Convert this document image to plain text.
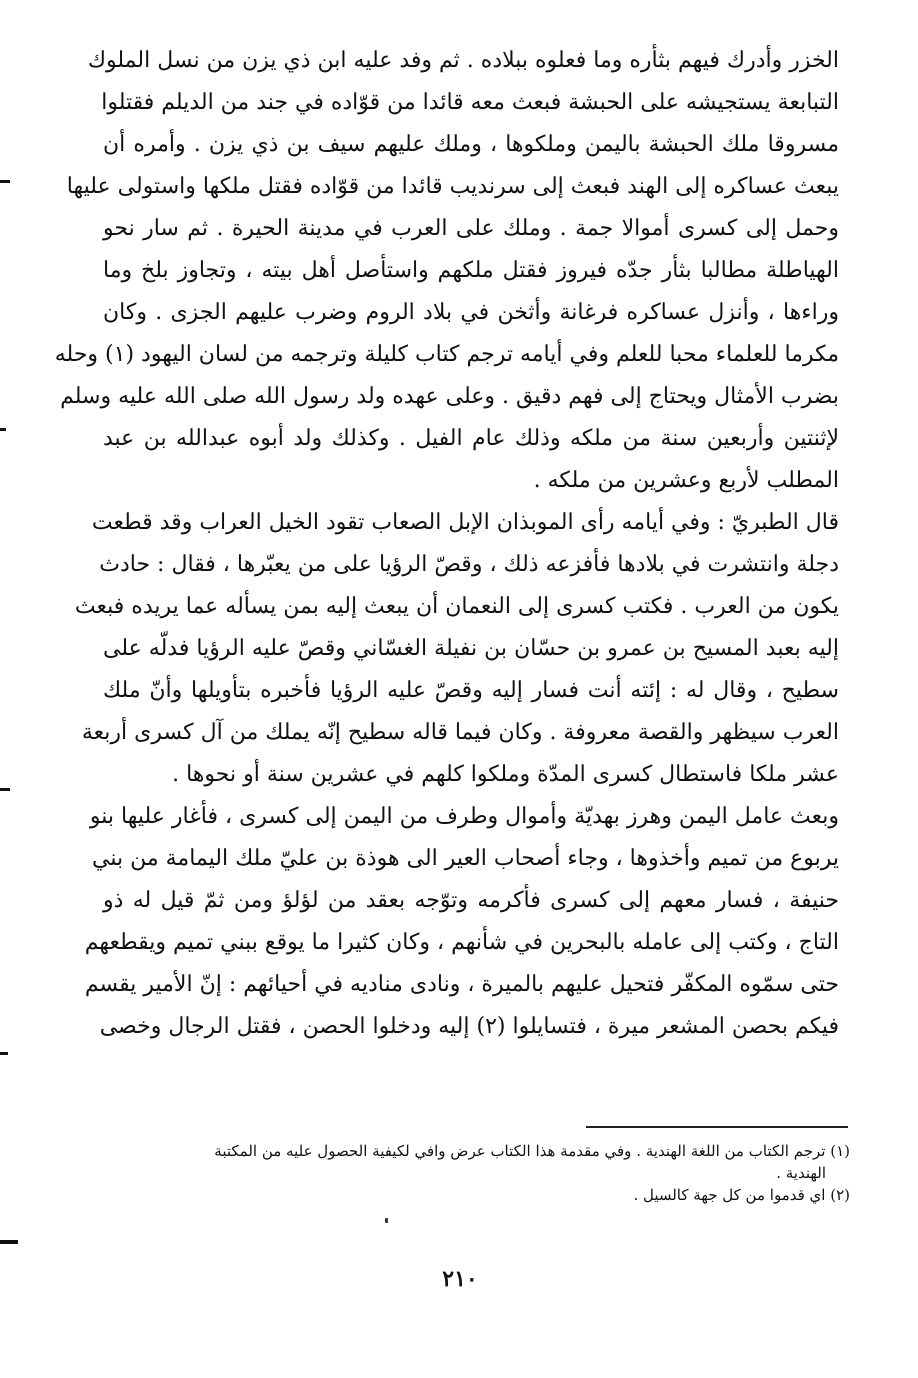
الخزر وأدرك فيهم بثأره وما فعلوه ببلاده . ثم وفد عليه ابن ذي يزن من نسل الملوك
التبابعة يستجيشه على الحبشة فبعث معه قائدا من قوّاده في جند من الديلم فقتلوا
مسروقا ملك الحبشة باليمن وملكوها ، وملك عليهم سيف بن ذي يزن . وأمره أن
يبعث عساكره إلى الهند فبعث إلى سرنديب قائدا من قوّاده فقتل ملكها واستولى عليها
وحمل إلى كسرى أموالا جمة . وملك على العرب في مدينة الحيرة . ثم سار نحو
الهياطلة مطالبا بثأر جدّه فيروز فقتل ملكهم واستأصل أهل بيته ، وتجاوز بلخ وما
وراءها ، وأنزل عساكره فرغانة وأثخن في بلاد الروم وضرب عليهم الجزى . وكان
مكرما للعلماء محبا للعلم وفي أيامه ترجم كتاب كليلة وترجمه من لسان اليهود (١) وحله
بضرب الأمثال ويحتاج إلى فهم دقيق . وعلى عهده ولد رسول الله صلى الله عليه وسلم
لإثنتين وأربعين سنة من ملكه وذلك عام الفيل . وكذلك ولد أبوه عبدالله بن عبد
المطلب لأربع وعشرين من ملكه .
قال الطبريّ : وفي أيامه رأى الموبذان الإبل الصعاب تقود الخيل العراب وقد قطعت
دجلة وانتشرت في بلادها فأفزعه ذلك ، وقصّ الرؤيا على من يعبّرها ، فقال : حادث
يكون من العرب . فكتب كسرى إلى النعمان أن يبعث إليه بمن يسأله عما يريده فبعث
إليه بعبد المسيح بن عمرو بن حسّان بن نفيلة الغسّاني وقصّ عليه الرؤيا فدلّه على
سطيح ، وقال له : إئته أنت فسار إليه وقصّ عليه الرؤيا فأخبره بتأويلها وأنّ ملك
العرب سيظهر والقصة معروفة . وكان فيما قاله سطيح إنّه يملك من آل كسرى أربعة
عشر ملكا فاستطال كسرى المدّة وملكوا كلهم في عشرين سنة أو نحوها .
وبعث عامل اليمن وهرز بهديّة وأموال وطرف من اليمن إلى كسرى ، فأغار عليها بنو
يربوع من تميم وأخذوها ، وجاء أصحاب العير الى هوذة بن عليّ ملك اليمامة من بني
حنيفة ، فسار معهم إلى كسرى فأكرمه وتوّجه بعقد من لؤلؤ ومن ثمّ قيل له ذو
التاج ، وكتب إلى عامله بالبحرين في شأنهم ، وكان كثيرا ما يوقع ببني تميم ويقطعهم
حتى سمّوه المكفّر فتحيل عليهم بالميرة ، ونادى مناديه في أحيائهم : إنّ الأمير يقسم
فيكم بحصن المشعر ميرة ، فتسايلوا (٢) إليه ودخلوا الحصن ، فقتل الرجال وخصى
(١) ترجم الكتاب من اللغة الهندية . وفي مقدمة هذا الكتاب عرض وافي لكيفية الحصول عليه من المكتبة
الهندية .
(٢) اي قدموا من كل جهة كالسيل .
٢١٠
